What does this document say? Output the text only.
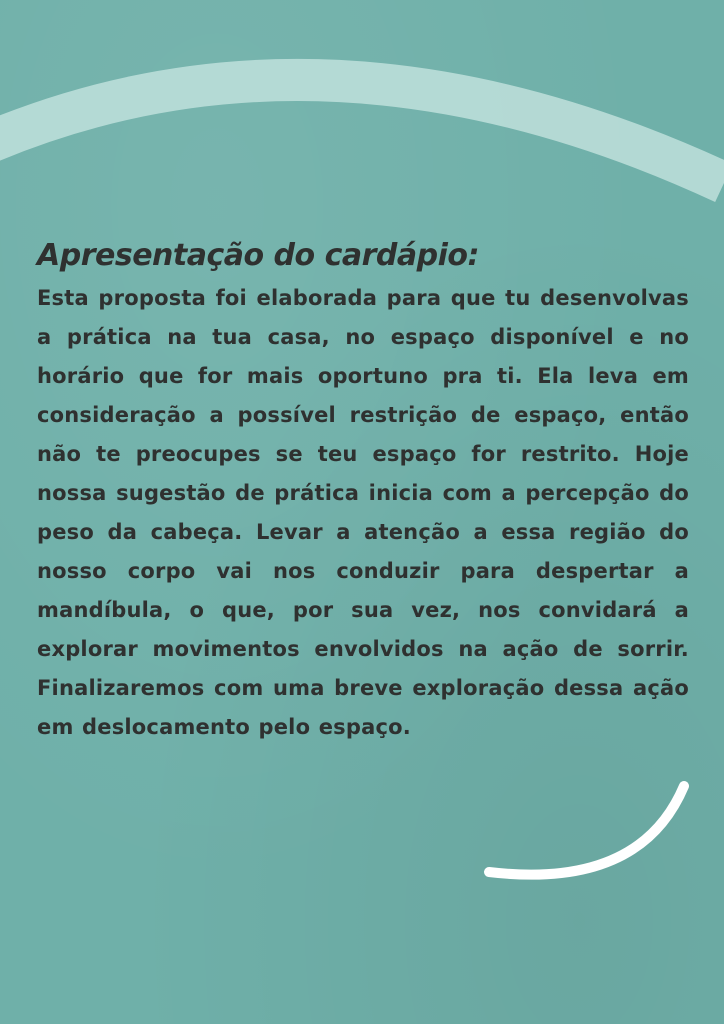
Apresentação do cardápio:

Esta proposta foi elaborada para que tu desenvolvas a prática na tua casa, no espaço disponível e no horário que for mais oportuno pra ti. Ela leva em consideração a possível restrição de espaço, então não te preocupes se teu espaço for restrito. Hoje nossa sugestão de prática inicia com a percepção do peso da cabeça. Levar a atenção a essa região do nosso corpo vai nos conduzir para despertar a mandíbula, o que, por sua vez, nos convidará a explorar movimentos envolvidos na ação de sorrir. Finalizaremos com uma breve exploração dessa ação em deslocamento pelo espaço.
